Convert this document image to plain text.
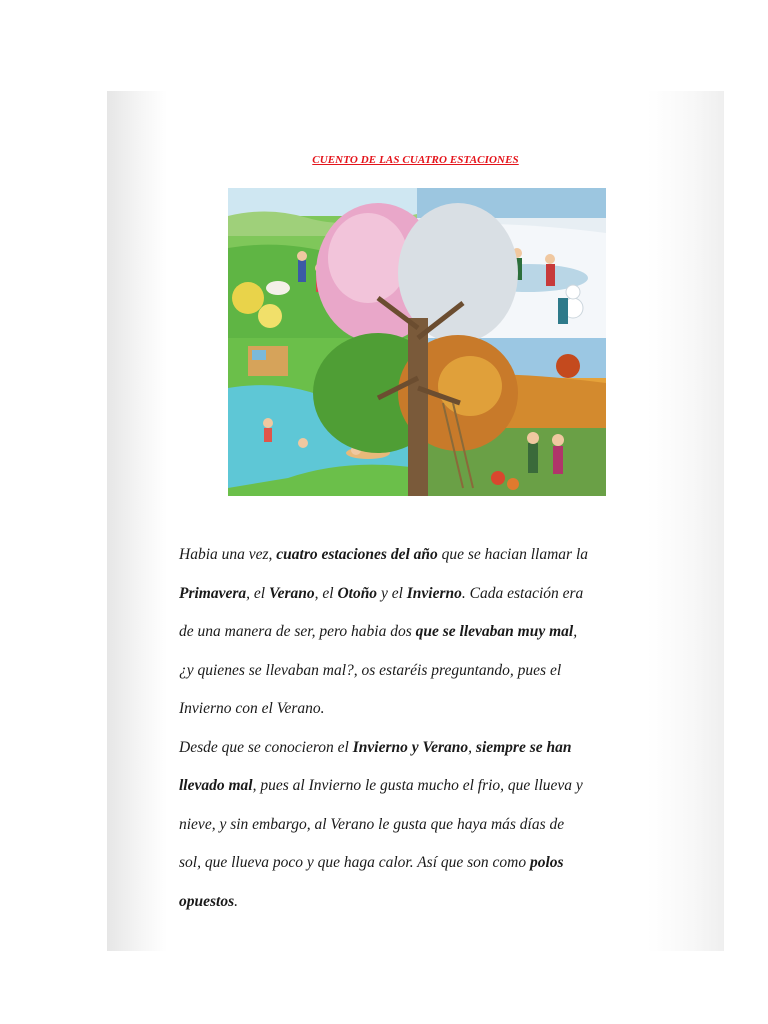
CUENTO DE LAS CUATRO ESTACIONES
Habia una vez, cuatro estaciones del año que se hacian llamar la
Primavera, el Verano, el Otoño y el Invierno. Cada estación era
de una manera de ser, pero habia dos que se llevaban muy mal,
¿y quienes se llevaban mal?, os estaréis preguntando, pues el
Invierno con el Verano.
Desde que se conocieron el Invierno y Verano, siempre se han
llevado mal, pues al Invierno le gusta mucho el frio, que llueva y
nieve, y sin embargo, al Verano le gusta que haya más días de
sol, que llueva poco y que haga calor. Así que son como polos
opuestos.
